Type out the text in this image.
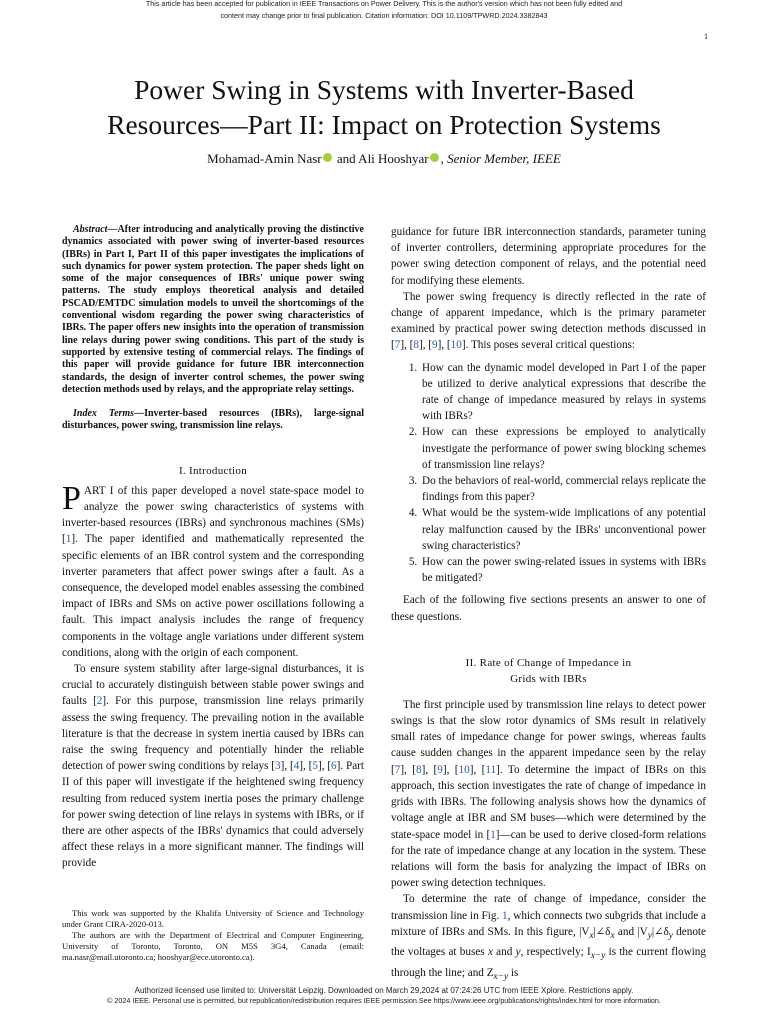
This article has been accepted for publication in IEEE Transactions on Power Delivery. This is the author's version which has not been fully edited and
content may change prior to final publication. Citation information: DOI 10.1109/TPWRD.2024.3382843
1
Power Swing in Systems with Inverter-Based
Resources—Part II: Impact on Protection Systems
Mohamad-Amin Nasr and Ali Hooshyar , Senior Member, IEEE

Abstract—After introducing and analytically proving the distinctive dynamics associated with power swing of inverter-based resources (IBRs) in Part I, Part II of this paper investigates the implications of such dynamics for power system protection. The paper sheds light on some of the major consequences of IBRs' unique power swing patterns. The study employs theoretical analysis and detailed PSCAD/EMTDC simulation models to unveil the shortcomings of the conventional wisdom regarding the power swing characteristics of IBRs. The paper offers new insights into the operation of transmission line relays during power swing conditions. This part of the study is supported by extensive testing of commercial relays. The findings of this paper will provide guidance for future IBR interconnection standards, the design of inverter control schemes, the power swing detection methods used by relays, and the appropriate relay settings.

Index Terms—Inverter-based resources (IBRs), large-signal disturbances, power swing, transmission line relays.

I. Introduction

PART I of this paper developed a novel state-space model to analyze the power swing characteristics of systems with inverter-based resources (IBRs) and synchronous machines (SMs) [1]. The paper identified and mathematically represented the specific elements of an IBR control system and the corresponding inverter parameters that affect power swings after a fault. As a consequence, the developed model enables assessing the combined impact of IBRs and SMs on active power oscillations following a fault. This impact analysis includes the range of frequency components in the voltage angle variations under different system conditions, along with the origin of each component.

To ensure system stability after large-signal disturbances, it is crucial to accurately distinguish between stable power swings and faults [2]. For this purpose, transmission line relays primarily assess the swing frequency. The prevailing notion in the available literature is that the decrease in system inertia caused by IBRs can raise the swing frequency and potentially hinder the reliable detection of power swing conditions by relays [3], [4], [5], [6]. Part II of this paper will investigate if the heightened swing frequency resulting from reduced system inertia poses the primary challenge for power swing detection of line relays in systems with IBRs, or if there are other aspects of the IBRs' dynamics that could adversely affect these relays in a more significant manner. The findings will provide

This work was supported by the Khalifa University of Science and Technology under Grant CIRA-2020-013.

The authors are with the Department of Electrical and Computer Engineering, University of Toronto, Toronto, ON M5S 3G4, Canada (email: ma.nasr@mail.utoronto.ca; hooshyar@ece.utoronto.ca).

guidance for future IBR interconnection standards, parameter tuning of inverter controllers, determining appropriate procedures for the power swing detection component of relays, and the potential need for modifying these elements.

The power swing frequency is directly reflected in the rate of change of apparent impedance, which is the primary parameter examined by practical power swing detection methods discussed in [7], [8], [9], [10]. This poses several critical questions:

1. How can the dynamic model developed in Part I of the paper be utilized to derive analytical expressions that describe the rate of change of impedance measured by relays in systems with IBRs?
2. How can these expressions be employed to analytically investigate the performance of power swing blocking schemes of transmission line relays?
3. Do the behaviors of real-world, commercial relays replicate the findings from this paper?
4. What would be the system-wide implications of any potential relay malfunction caused by the IBRs' unconventional power swing characteristics?
5. How can the power swing-related issues in systems with IBRs be mitigated?

Each of the following five sections presents an answer to one of these questions.

II. Rate of Change of Impedance in
Grids with IBRs

The first principle used by transmission line relays to detect power swings is that the slow rotor dynamics of SMs result in relatively small rates of impedance change for power swings, whereas faults cause sudden changes in the apparent impedance seen by the relay [7], [8], [9], [10], [11]. To determine the impact of IBRs on this approach, this section investigates the rate of change of impedance in grids with IBRs. The following analysis shows how the dynamics of voltage angle at IBR and SM buses—which were determined by the state-space model in [1]—can be used to derive closed-form relations for the rate of impedance change at any location in the system. These relations will form the basis for analyzing the impact of IBRs on power swing detection techniques.

To determine the rate of change of impedance, consider the transmission line in Fig. 1, which connects two subgrids that include a mixture of IBRs and SMs. In this figure, $|V_x|\angle\delta_x$ and $|V_y|\angle\delta_y$ denote the voltages at buses x and y, respectively; $I_{x-y}$ is the current flowing through the line; and $Z_{x-y}$ is

Authorized licensed use limited to: Universität Leipzig. Downloaded on March 29,2024 at 07:24:26 UTC from IEEE Xplore. Restrictions apply.
© 2024 IEEE. Personal use is permitted, but republication/redistribution requires IEEE permission.See https://www.ieee.org/publications/rights/index.html for more information.
